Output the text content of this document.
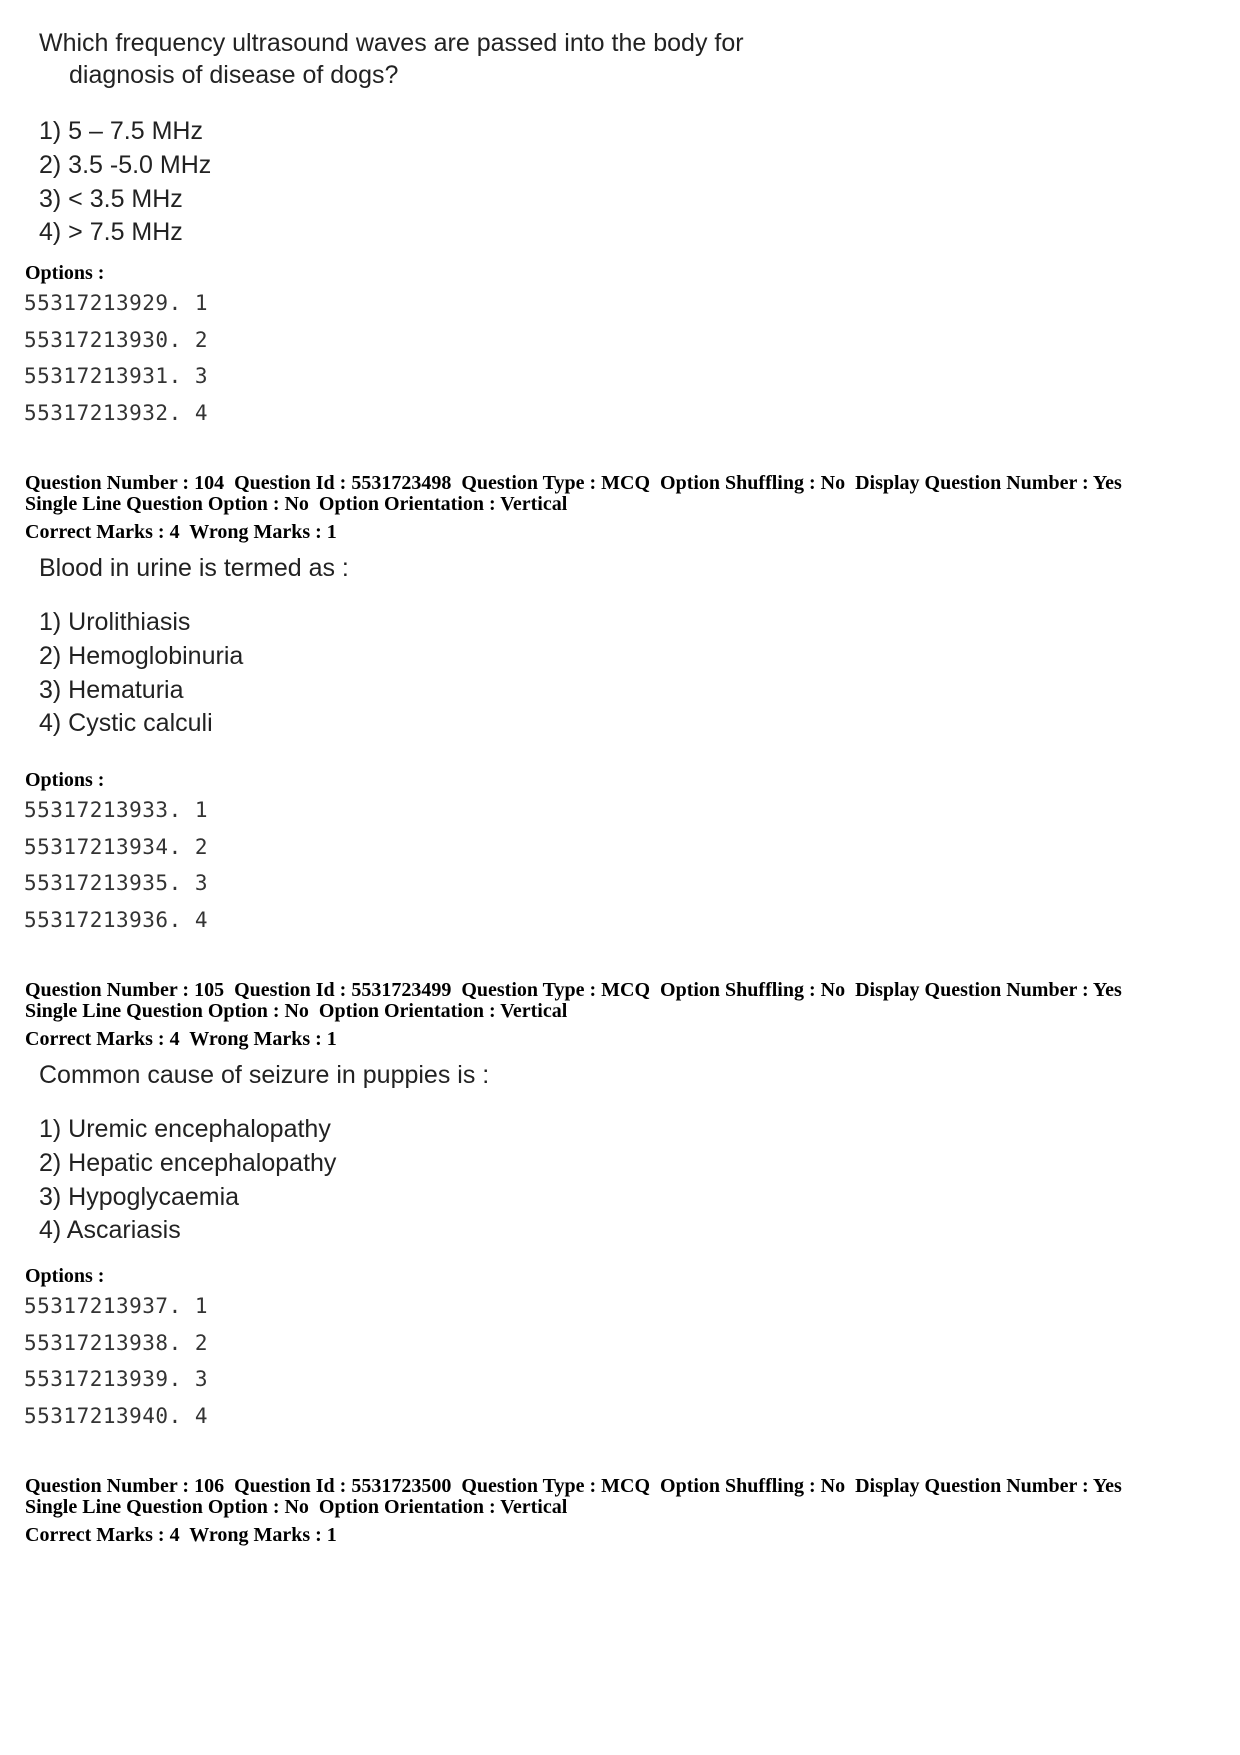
Which frequency ultrasound waves are passed into the body for
diagnosis of disease of dogs?
1) 5 – 7.5 MHz
2) 3.5 -5.0 MHz
3) < 3.5 MHz
4) > 7.5 MHz
Options :
55317213929. 1
55317213930. 2
55317213931. 3
55317213932. 4
Question Number : 104  Question Id : 5531723498  Question Type : MCQ  Option Shuffling : No  Display Question Number : Yes
Single Line Question Option : No  Option Orientation : Vertical
Correct Marks : 4  Wrong Marks : 1
Blood in urine is termed as :
1) Urolithiasis
2) Hemoglobinuria
3) Hematuria
4) Cystic calculi
Options :
55317213933. 1
55317213934. 2
55317213935. 3
55317213936. 4
Question Number : 105  Question Id : 5531723499  Question Type : MCQ  Option Shuffling : No  Display Question Number : Yes
Single Line Question Option : No  Option Orientation : Vertical
Correct Marks : 4  Wrong Marks : 1
Common cause of seizure in puppies is :
1) Uremic encephalopathy
2) Hepatic encephalopathy
3) Hypoglycaemia
4) Ascariasis
Options :
55317213937. 1
55317213938. 2
55317213939. 3
55317213940. 4
Question Number : 106  Question Id : 5531723500  Question Type : MCQ  Option Shuffling : No  Display Question Number : Yes
Single Line Question Option : No  Option Orientation : Vertical
Correct Marks : 4  Wrong Marks : 1
